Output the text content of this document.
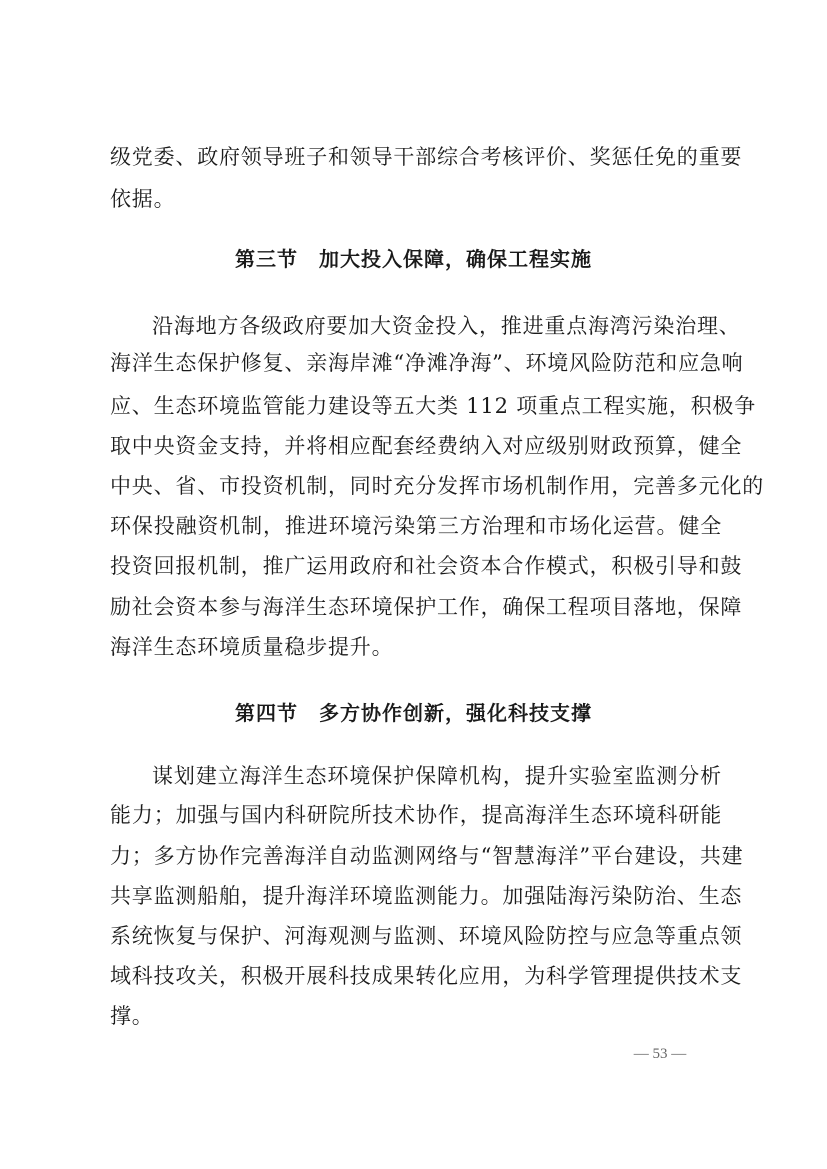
级党委、政府领导班子和领导干部综合考核评价、奖惩任免的重要
依据。
第三节　加大投入保障，确保工程实施
沿海地方各级政府要加大资金投入，推进重点海湾污染治理、
海洋生态保护修复、亲海岸滩“净滩净海”、环境风险防范和应急响
应、生态环境监管能力建设等五大类 112 项重点工程实施，积极争
取中央资金支持，并将相应配套经费纳入对应级别财政预算，健全
中央、省、市投资机制，同时充分发挥市场机制作用，完善多元化的
环保投融资机制，推进环境污染第三方治理和市场化运营。健全
投资回报机制，推广运用政府和社会资本合作模式，积极引导和鼓
励社会资本参与海洋生态环境保护工作，确保工程项目落地，保障
海洋生态环境质量稳步提升。
第四节　多方协作创新，强化科技支撑
谋划建立海洋生态环境保护保障机构，提升实验室监测分析
能力；加强与国内科研院所技术协作，提高海洋生态环境科研能
力；多方协作完善海洋自动监测网络与“智慧海洋”平台建设，共建
共享监测船舶，提升海洋环境监测能力。加强陆海污染防治、生态
系统恢复与保护、河海观测与监测、环境风险防控与应急等重点领
域科技攻关，积极开展科技成果转化应用，为科学管理提供技术支
撑。
— 53 —
